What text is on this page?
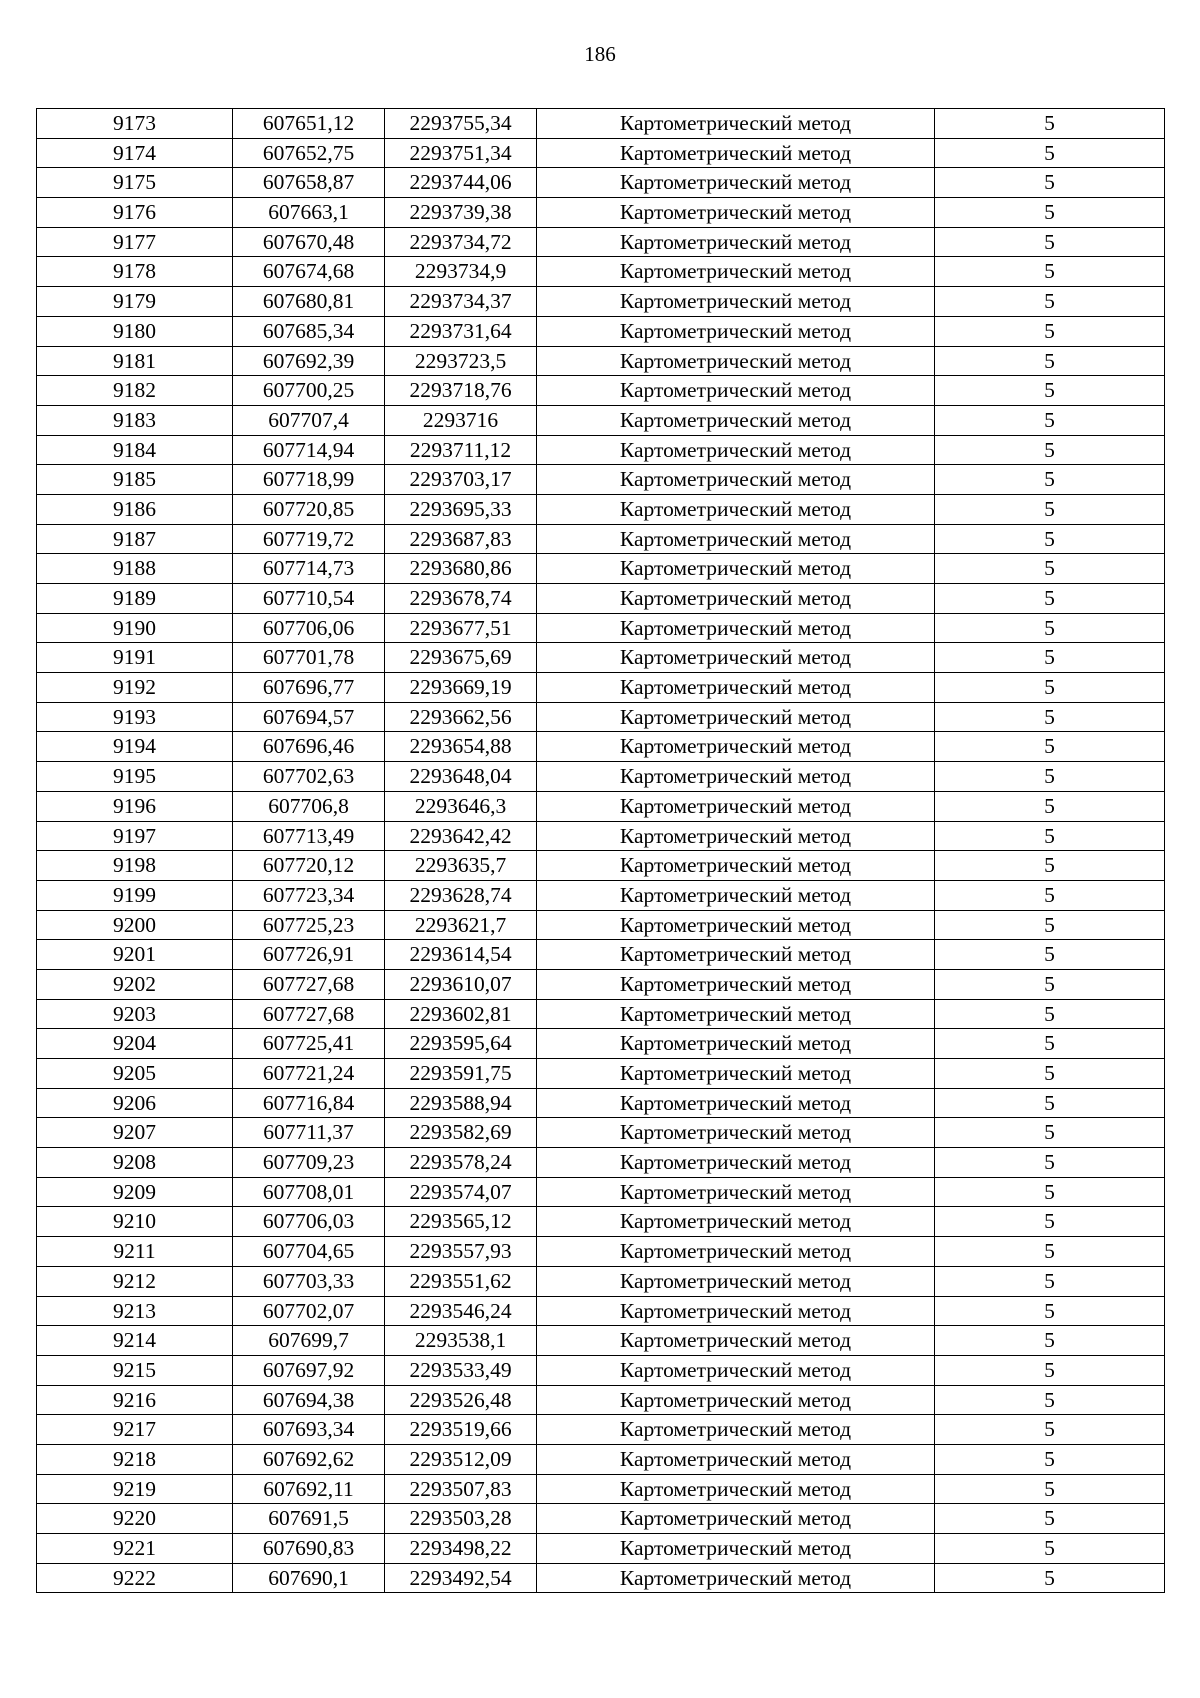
186
9173	607651,12	2293755,34	Картометрический метод	5
9174	607652,75	2293751,34	Картометрический метод	5
9175	607658,87	2293744,06	Картометрический метод	5
9176	607663,1	2293739,38	Картометрический метод	5
9177	607670,48	2293734,72	Картометрический метод	5
9178	607674,68	2293734,9	Картометрический метод	5
9179	607680,81	2293734,37	Картометрический метод	5
9180	607685,34	2293731,64	Картометрический метод	5
9181	607692,39	2293723,5	Картометрический метод	5
9182	607700,25	2293718,76	Картометрический метод	5
9183	607707,4	2293716	Картометрический метод	5
9184	607714,94	2293711,12	Картометрический метод	5
9185	607718,99	2293703,17	Картометрический метод	5
9186	607720,85	2293695,33	Картометрический метод	5
9187	607719,72	2293687,83	Картометрический метод	5
9188	607714,73	2293680,86	Картометрический метод	5
9189	607710,54	2293678,74	Картометрический метод	5
9190	607706,06	2293677,51	Картометрический метод	5
9191	607701,78	2293675,69	Картометрический метод	5
9192	607696,77	2293669,19	Картометрический метод	5
9193	607694,57	2293662,56	Картометрический метод	5
9194	607696,46	2293654,88	Картометрический метод	5
9195	607702,63	2293648,04	Картометрический метод	5
9196	607706,8	2293646,3	Картометрический метод	5
9197	607713,49	2293642,42	Картометрический метод	5
9198	607720,12	2293635,7	Картометрический метод	5
9199	607723,34	2293628,74	Картометрический метод	5
9200	607725,23	2293621,7	Картометрический метод	5
9201	607726,91	2293614,54	Картометрический метод	5
9202	607727,68	2293610,07	Картометрический метод	5
9203	607727,68	2293602,81	Картометрический метод	5
9204	607725,41	2293595,64	Картометрический метод	5
9205	607721,24	2293591,75	Картометрический метод	5
9206	607716,84	2293588,94	Картометрический метод	5
9207	607711,37	2293582,69	Картометрический метод	5
9208	607709,23	2293578,24	Картометрический метод	5
9209	607708,01	2293574,07	Картометрический метод	5
9210	607706,03	2293565,12	Картометрический метод	5
9211	607704,65	2293557,93	Картометрический метод	5
9212	607703,33	2293551,62	Картометрический метод	5
9213	607702,07	2293546,24	Картометрический метод	5
9214	607699,7	2293538,1	Картометрический метод	5
9215	607697,92	2293533,49	Картометрический метод	5
9216	607694,38	2293526,48	Картометрический метод	5
9217	607693,34	2293519,66	Картометрический метод	5
9218	607692,62	2293512,09	Картометрический метод	5
9219	607692,11	2293507,83	Картометрический метод	5
9220	607691,5	2293503,28	Картометрический метод	5
9221	607690,83	2293498,22	Картометрический метод	5
9222	607690,1	2293492,54	Картометрический метод	5
